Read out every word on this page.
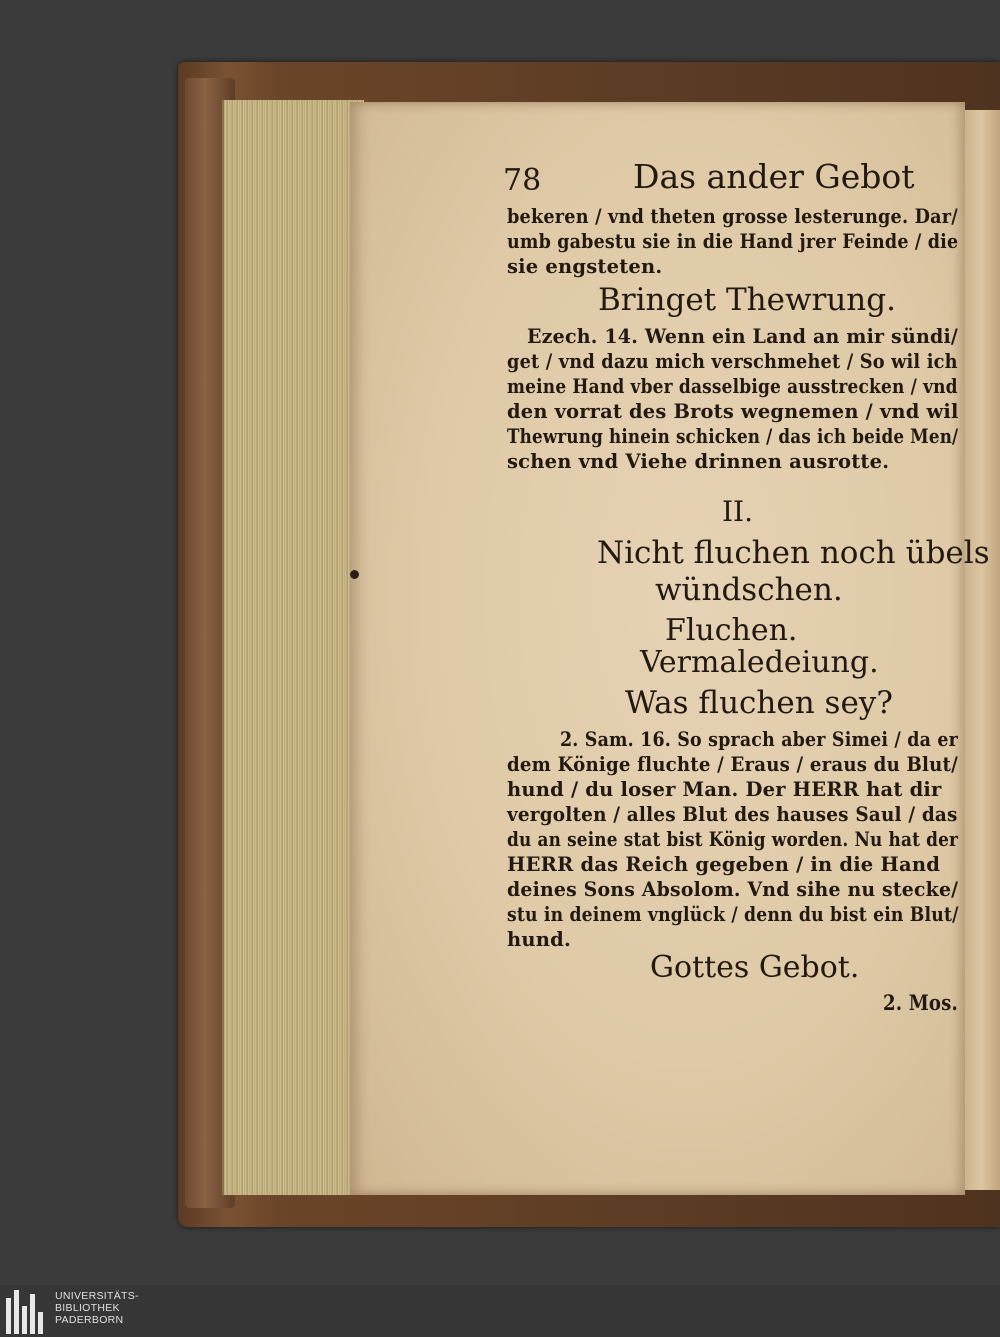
78	Das ander Gebot
bekeren / vnd theten grosse lesterunge. Dar/
umb gabestu sie in die Hand jrer Feinde / die
sie engsteten.
Bringet Thewrung.
Ezech. 14. Wenn ein Land an mir sündi/
get / vnd dazu mich verschmehet / So wil ich
meine Hand vber dasselbige ausstrecken / vnd
den vorrat des Brots wegnemen / vnd wil
Thewrung hinein schicken / das ich beide Men/
schen vnd Viehe drinnen ausrotte.
II.
Nicht fluchen noch übels
wündschen.
Fluchen.
Vermaledeiung.
Was fluchen sey?
2. Sam. 16. So sprach aber Simei / da er
dem Könige fluchte / Eraus / eraus du Blut/
hund / du loser Man. Der HERR hat dir
vergolten / alles Blut des hauses Saul / das
du an seine stat bist König worden. Nu hat der
HERR das Reich gegeben / in die Hand
deines Sons Absolom. Vnd sihe nu stecke/
stu in deinem vnglück / denn du bist ein Blut/
hund.
Gottes Gebot.
2. Mos.
UNIVERSITÄTS-
BIBLIOTHEK
PADERBORN
